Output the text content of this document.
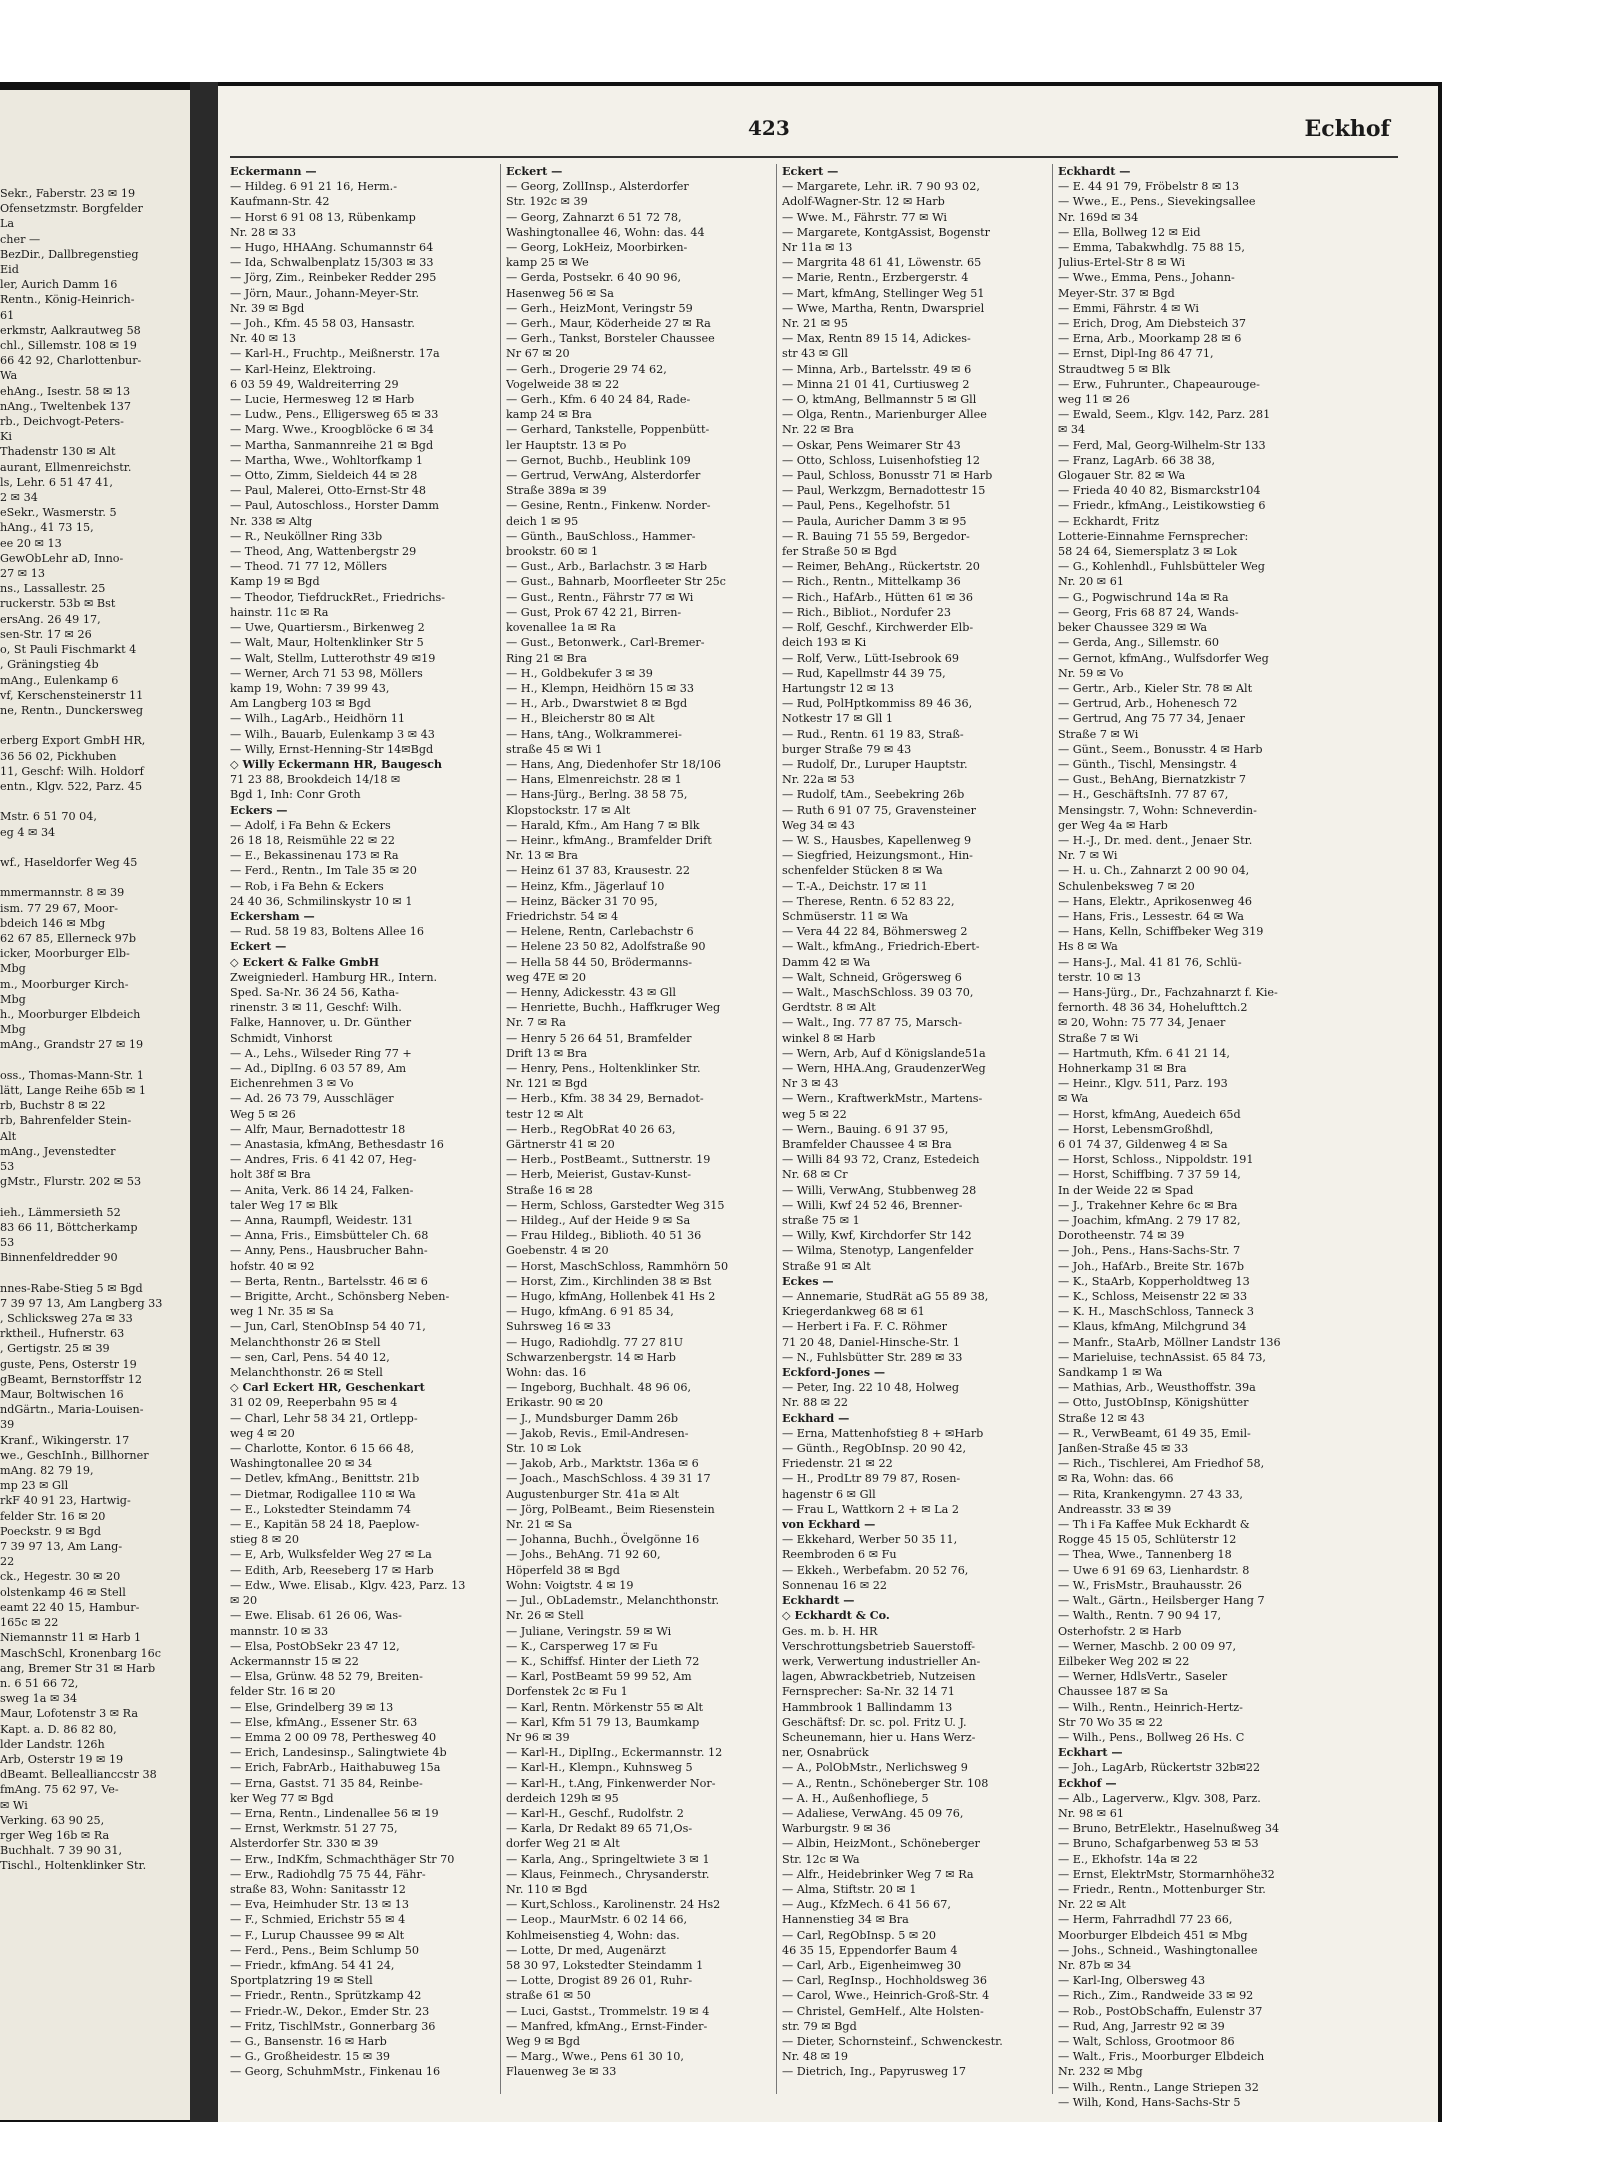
Sekr., Faberstr. 23 ✉ 19
Ofensetzmstr. Borgfelder
La
cher —
BezDir., Dallbregenstieg
Eid
ler, Aurich Damm 16
Rentn., König-Heinrich-
61
erkmstr, Aalkrautweg 58
chl., Sillemstr. 108 ✉ 19
66 42 92, Charlottenbur-
Wa
ehAng., Isestr. 58 ✉ 13
nAng., Tweltenbek 137
rb., Deichvogt-Peters-
Ki
Thadenstr 130 ✉ Alt
aurant, Ellmenreichstr.
ls, Lehr. 6 51 47 41,
2 ✉ 34
eSekr., Wasmerstr. 5
hAng., 41 73 15,
ee 20 ✉ 13
GewObLehr aD, Inno-
27 ✉ 13
ns., Lassallestr. 25
ruckerstr. 53b ✉ Bst
ersAng. 26 49 17,
sen-Str. 17 ✉ 26
o, St Pauli Fischmarkt 4
, Gräningstieg 4b
mAng., Eulenkamp 6
vf, Kerschensteinerstr 11
ne, Rentn., Dunckersweg

erberg Export GmbH HR,
36 56 02, Pickhuben
11, Geschf: Wilh. Holdorf
entn., Klgv. 522, Parz. 45

Mstr. 6 51 70 04,
eg 4 ✉ 34

wf., Haseldorfer Weg 45

mmermannstr. 8 ✉ 39
ism. 77 29 67, Moor-
bdeich 146 ✉ Mbg
62 67 85, Ellerneck 97b
icker, Moorburger Elb-
Mbg
m., Moorburger Kirch-
Mbg
h., Moorburger Elbdeich
Mbg
mAng., Grandstr 27 ✉ 19

oss., Thomas-Mann-Str. 1
lätt, Lange Reihe 65b ✉ 1
rb, Buchstr 8 ✉ 22
rb, Bahrenfelder Stein-
Alt
mAng., Jevenstedter
53
gMstr., Flurstr. 202 ✉ 53

ieh., Lämmersieth 52
83 66 11, Böttcherkamp
53
Binnenfeldredder 90

nnes-Rabe-Stieg 5 ✉ Bgd
7 39 97 13, Am Langberg 33
, Schlicksweg 27a ✉ 33
rktheil., Hufnerstr. 63
, Gertigstr. 25 ✉ 39
guste, Pens, Osterstr 19
gBeamt, Bernstorffstr 12
Maur, Boltwischen 16
ndGärtn., Maria-Louisen-
39
Kranf., Wikingerstr. 17
we., GeschInh., Billhorner
mAng. 82 79 19,
mp 23 ✉ Gll
rkF 40 91 23, Hartwig-
felder Str. 16 ✉ 20
Poeckstr. 9 ✉ Bgd
7 39 97 13, Am Lang-
22
ck., Hegestr. 30 ✉ 20
olstenkamp 46 ✉ Stell
eamt 22 40 15, Hambur-
165c ✉ 22
Niemannstr 11 ✉ Harb 1
MaschSchl, Kronenbarg 16c
ang, Bremer Str 31 ✉ Harb
n. 6 51 66 72,
sweg 1a ✉ 34
Maur, Lofotenstr 3 ✉ Ra
Kapt. a. D. 86 82 80,
lder Landstr. 126h
Arb, Osterstr 19 ✉ 19
dBeamt. Belleallianccstr 38
fmAng. 75 62 97, Ve-
✉ Wi
Verking. 63 90 25,
rger Weg 16b ✉ Ra
Buchhalt. 7 39 90 31,
Tischl., Holtenklinker Str.
423	Eckhof
Eckermann —
— Hildeg. 6 91 21 16, Herm.-
Kaufmann-Str. 42
— Horst 6 91 08 13, Rübenkamp
Nr. 28 ✉ 33
— Hugo, HHAAng. Schumannstr 64
— Ida, Schwalbenplatz 15/303 ✉ 33
— Jörg, Zim., Reinbeker Redder 295
— Jörn, Maur., Johann-Meyer-Str.
Nr. 39 ✉ Bgd
— Joh., Kfm. 45 58 03, Hansastr.
Nr. 40 ✉ 13
— Karl-H., Fruchtp., Meißnerstr. 17a
— Karl-Heinz, Elektroing.
6 03 59 49, Waldreiterring 29
— Lucie, Hermesweg 12 ✉ Harb
— Ludw., Pens., Elligersweg 65 ✉ 33
— Marg. Wwe., Kroogblöcke 6 ✉ 34
— Martha, Sanmannreihe 21 ✉ Bgd
— Martha, Wwe., Wohltorfkamp 1
— Otto, Zimm, Sieldeich 44 ✉ 28
— Paul, Malerei, Otto-Ernst-Str 48
— Paul, Autoschloss., Horster Damm
Nr. 338 ✉ Altg
— R., Neuköllner Ring 33b
— Theod, Ang, Wattenbergstr 29
— Theod. 71 77 12, Möllers
Kamp 19 ✉ Bgd
— Theodor, TiefdruckRet., Friedrichs-
hainstr. 11c ✉ Ra
— Uwe, Quartiersm., Birkenweg 2
— Walt, Maur, Holtenklinker Str 5
— Walt, Stellm, Lutterothstr 49 ✉19
— Werner, Arch 71 53 98, Möllers
kamp 19, Wohn: 7 39 99 43,
Am Langberg 103 ✉ Bgd
— Wilh., LagArb., Heidhörn 11
— Wilh., Bauarb, Eulenkamp 3 ✉ 43
— Willy, Ernst-Henning-Str 14✉Bgd
◇ Willy Eckermann HR, Baugesch
71 23 88, Brookdeich 14/18 ✉
Bgd 1, Inh: Conr Groth
Eckers —
— Adolf, i Fa Behn & Eckers
26 18 18, Reismühle 22 ✉ 22
— E., Bekassinenau 173 ✉ Ra
— Ferd., Rentn., Im Tale 35 ✉ 20
— Rob, i Fa Behn & Eckers
24 40 36, Schmilinskystr 10 ✉ 1
Eckersham —
— Rud. 58 19 83, Boltens Allee 16
Eckert —
◇ Eckert & Falke GmbH
Zweigniederl. Hamburg HR., Intern.
Sped. Sa-Nr. 36 24 56, Katha-
rinenstr. 3 ✉ 11, Geschf: Wilh.
Falke, Hannover, u. Dr. Günther
Schmidt, Vinhorst
— A., Lehs., Wilseder Ring 77 +
— Ad., DiplIng. 6 03 57 89, Am
Eichenrehmen 3 ✉ Vo
— Ad. 26 73 79, Ausschläger
Weg 5 ✉ 26
— Alfr, Maur, Bernadottestr 18
— Anastasia, kfmAng, Bethesdastr 16
— Andres, Fris. 6 41 42 07, Heg-
holt 38f ✉ Bra
— Anita, Verk. 86 14 24, Falken-
taler Weg 17 ✉ Blk
— Anna, Raumpfl, Weidestr. 131
— Anna, Fris., Eimsbütteler Ch. 68
— Anny, Pens., Hausbrucher Bahn-
hofstr. 40 ✉ 92
— Berta, Rentn., Bartelsstr. 46 ✉ 6
— Brigitte, Archt., Schönsberg Neben-
weg 1 Nr. 35 ✉ Sa
— Jun, Carl, StenObInsp 54 40 71,
Melanchthonstr 26 ✉ Stell
— sen, Carl, Pens. 54 40 12,
Melanchthonstr. 26 ✉ Stell
◇ Carl Eckert HR, Geschenkart
31 02 09, Reeperbahn 95 ✉ 4
— Charl, Lehr 58 34 21, Ortlepp-
weg 4 ✉ 20
— Charlotte, Kontor. 6 15 66 48,
Washingtonallee 20 ✉ 34
— Detlev, kfmAng., Benittstr. 21b
— Dietmar, Rodigallee 110 ✉ Wa
— E., Lokstedter Steindamm 74
— E., Kapitän 58 24 18, Paeplow-
stieg 8 ✉ 20
— E, Arb, Wulksfelder Weg 27 ✉ La
— Edith, Arb, Reeseberg 17 ✉ Harb
— Edw., Wwe. Elisab., Klgv. 423, Parz. 13
✉ 20
— Ewe. Elisab. 61 26 06, Was-
mannstr. 10 ✉ 33
— Elsa, PostObSekr 23 47 12,
Ackermannstr 15 ✉ 22
— Elsa, Grünw. 48 52 79, Breiten-
felder Str. 16 ✉ 20
— Else, Grindelberg 39 ✉ 13
— Else, kfmAng., Essener Str. 63
— Emma 2 00 09 78, Perthesweg 40
— Erich, Landesinsp., Salingtwiete 4b
— Erich, FabrArb., Haithabuweg 15a
— Erna, Gastst. 71 35 84, Reinbe-
ker Weg 77 ✉ Bgd
— Erna, Rentn., Lindenallee 56 ✉ 19
— Ernst, Werkmstr. 51 27 75,
Alsterdorfer Str. 330 ✉ 39
— Erw., IndKfm, Schmachthäger Str 70
— Erw., Radiohdlg 75 75 44, Fähr-
straße 83, Wohn: Sanitasstr 12
— Eva, Heimhuder Str. 13 ✉ 13
— F., Schmied, Erichstr 55 ✉ 4
— F., Lurup Chaussee 99 ✉ Alt
— Ferd., Pens., Beim Schlump 50
— Friedr., kfmAng. 54 41 24,
Sportplatzring 19 ✉ Stell
— Friedr., Rentn., Sprützkamp 42
— Friedr.-W., Dekor., Emder Str. 23
— Fritz, TischlMstr., Gonnerbarg 36
— G., Bansenstr. 16 ✉ Harb
— G., Großheidestr. 15 ✉ 39
— Georg, SchuhmMstr., Finkenau 16
Eckert —
— Georg, ZollInsp., Alsterdorfer
Str. 192c ✉ 39
— Georg, Zahnarzt 6 51 72 78,
Washingtonallee 46, Wohn: das. 44
— Georg, LokHeiz, Moorbirken-
kamp 25 ✉ We
— Gerda, Postsekr. 6 40 90 96,
Hasenweg 56 ✉ Sa
— Gerh., HeizMont, Veringstr 59
— Gerh., Maur, Köderheide 27 ✉ Ra
— Gerh., Tankst, Borsteler Chaussee
Nr 67 ✉ 20
— Gerh., Drogerie 29 74 62,
Vogelweide 38 ✉ 22
— Gerh., Kfm. 6 40 24 84, Rade-
kamp 24 ✉ Bra
— Gerhard, Tankstelle, Poppenbütt-
ler Hauptstr. 13 ✉ Po
— Gernot, Buchb., Heublink 109
— Gertrud, VerwAng, Alsterdorfer
Straße 389a ✉ 39
— Gesine, Rentn., Finkenw. Norder-
deich 1 ✉ 95
— Günth., BauSchloss., Hammer-
brookstr. 60 ✉ 1
— Gust., Arb., Barlachstr. 3 ✉ Harb
— Gust., Bahnarb, Moorfleeter Str 25c
— Gust., Rentn., Fährstr 77 ✉ Wi
— Gust, Prok 67 42 21, Birren-
kovenallee 1a ✉ Ra
— Gust., Betonwerk., Carl-Bremer-
Ring 21 ✉ Bra
— H., Goldbekufer 3 ✉ 39
— H., Klempn, Heidhörn 15 ✉ 33
— H., Arb., Dwarstwiet 8 ✉ Bgd
— H., Bleicherstr 80 ✉ Alt
— Hans, tAng., Wolkrammerei-
straße 45 ✉ Wi 1
— Hans, Ang, Diedenhofer Str 18/106
— Hans, Elmenreichstr. 28 ✉ 1
— Hans-Jürg., Berlng. 38 58 75,
Klopstockstr. 17 ✉ Alt
— Harald, Kfm., Am Hang 7 ✉ Blk
— Heinr., kfmAng., Bramfelder Drift
Nr. 13 ✉ Bra
— Heinz 61 37 83, Krausestr. 22
— Heinz, Kfm., Jägerlauf 10
— Heinz, Bäcker 31 70 95,
Friedrichstr. 54 ✉ 4
— Helene, Rentn, Carlebachstr 6
— Helene 23 50 82, Adolfstraße 90
— Hella 58 44 50, Brödermanns-
weg 47E ✉ 20
— Henny, Adickesstr. 43 ✉ Gll
— Henriette, Buchh., Haffkruger Weg
Nr. 7 ✉ Ra
— Henry 5 26 64 51, Bramfelder
Drift 13 ✉ Bra
— Henry, Pens., Holtenklinker Str.
Nr. 121 ✉ Bgd
— Herb., Kfm. 38 34 29, Bernadot-
testr 12 ✉ Alt
— Herb., RegObRat 40 26 63,
Gärtnerstr 41 ✉ 20
— Herb., PostBeamt., Suttnerstr. 19
— Herb, Meierist, Gustav-Kunst-
Straße 16 ✉ 28
— Herm, Schloss, Garstedter Weg 315
— Hildeg., Auf der Heide 9 ✉ Sa
— Frau Hildeg., Biblioth. 40 51 36
Goebenstr. 4 ✉ 20
— Horst, MaschSchloss, Rammhörn 50
— Horst, Zim., Kirchlinden 38 ✉ Bst
— Hugo, kfmAng, Hollenbek 41 Hs 2
— Hugo, kfmAng. 6 91 85 34,
Suhrsweg 16 ✉ 33
— Hugo, Radiohdlg. 77 27 81U
Schwarzenbergstr. 14 ✉ Harb
Wohn: das. 16
— Ingeborg, Buchhalt. 48 96 06,
Erikastr. 90 ✉ 20
— J., Mundsburger Damm 26b
— Jakob, Revis., Emil-Andresen-
Str. 10 ✉ Lok
— Jakob, Arb., Marktstr. 136a ✉ 6
— Joach., MaschSchloss. 4 39 31 17
Augustenburger Str. 41a ✉ Alt
— Jörg, PolBeamt., Beim Riesenstein
Nr. 21 ✉ Sa
— Johanna, Buchh., Övelgönne 16
— Johs., BehAng. 71 92 60,
Höperfeld 38 ✉ Bgd
Wohn: Voigtstr. 4 ✉ 19
— Jul., ObLademstr., Melanchthonstr.
Nr. 26 ✉ Stell
— Juliane, Veringstr. 59 ✉ Wi
— K., Carsperweg 17 ✉ Fu
— K., Schiffsf. Hinter der Lieth 72
— Karl, PostBeamt 59 99 52, Am
Dorfenstek 2c ✉ Fu 1
— Karl, Rentn. Mörkenstr 55 ✉ Alt
— Karl, Kfm 51 79 13, Baumkamp
Nr 96 ✉ 39
— Karl-H., DiplIng., Eckermannstr. 12
— Karl-H., Klempn., Kuhnsweg 5
— Karl-H., t.Ang, Finkenwerder Nor-
derdeich 129h ✉ 95
— Karl-H., Geschf., Rudolfstr. 2
— Karla, Dr Redakt 89 65 71,Os-
dorfer Weg 21 ✉ Alt
— Karla, Ang., Springeltwiete 3 ✉ 1
— Klaus, Feinmech., Chrysanderstr.
Nr. 110 ✉ Bgd
— Kurt,Schloss., Karolinenstr. 24 Hs2
— Leop., MaurMstr. 6 02 14 66,
Kohlmeisenstieg 4, Wohn: das.
— Lotte, Dr med, Augenärzt
58 30 97, Lokstedter Steindamm 1
— Lotte, Drogist 89 26 01, Ruhr-
straße 61 ✉ 50
— Luci, Gastst., Trommelstr. 19 ✉ 4
— Manfred, kfmAng., Ernst-Finder-
Weg 9 ✉ Bgd
— Marg., Wwe., Pens 61 30 10,
Flauenweg 3e ✉ 33
Eckert —
— Margarete, Lehr. iR. 7 90 93 02,
Adolf-Wagner-Str. 12 ✉ Harb
— Wwe. M., Fährstr. 77 ✉ Wi
— Margarete, KontgAssist, Bogenstr
Nr 11a ✉ 13
— Margrita 48 61 41, Löwenstr. 65
— Marie, Rentn., Erzbergerstr. 4
— Mart, kfmAng, Stellinger Weg 51
— Wwe, Martha, Rentn, Dwarspriel
Nr. 21 ✉ 95
— Max, Rentn 89 15 14, Adickes-
str 43 ✉ Gll
— Minna, Arb., Bartelsstr. 49 ✉ 6
— Minna 21 01 41, Curtiusweg 2
— O, ktmAng, Bellmannstr 5 ✉ Gll
— Olga, Rentn., Marienburger Allee
Nr. 22 ✉ Bra
— Oskar, Pens Weimarer Str 43
— Otto, Schloss, Luisenhofstieg 12
— Paul, Schloss, Bonusstr 71 ✉ Harb
— Paul, Werkzgm, Bernadottestr 15
— Paul, Pens., Kegelhofstr. 51
— Paula, Auricher Damm 3 ✉ 95
— R. Bauing 71 55 59, Bergedor-
fer Straße 50 ✉ Bgd
— Reimer, BehAng., Rückertstr. 20
— Rich., Rentn., Mittelkamp 36
— Rich., HafArb., Hütten 61 ✉ 36
— Rich., Bibliot., Nordufer 23
— Rolf, Geschf., Kirchwerder Elb-
deich 193 ✉ Ki
— Rolf, Verw., Lütt-Isebrook 69
— Rud, Kapellmstr 44 39 75,
Hartungstr 12 ✉ 13
— Rud, PolHptkommiss 89 46 36,
Notkestr 17 ✉ Gll 1
— Rud., Rentn. 61 19 83, Straß-
burger Straße 79 ✉ 43
— Rudolf, Dr., Luruper Hauptstr.
Nr. 22a ✉ 53
— Rudolf, tAm., Seebekring 26b
— Ruth 6 91 07 75, Gravensteiner
Weg 34 ✉ 43
— W. S., Hausbes, Kapellenweg 9
— Siegfried, Heizungsmont., Hin-
schenfelder Stücken 8 ✉ Wa
— T.-A., Deichstr. 17 ✉ 11
— Therese, Rentn. 6 52 83 22,
Schmüserstr. 11 ✉ Wa
— Vera 44 22 84, Böhmersweg 2
— Walt., kfmAng., Friedrich-Ebert-
Damm 42 ✉ Wa
— Walt, Schneid, Grögersweg 6
— Walt., MaschSchloss. 39 03 70,
Gerdtstr. 8 ✉ Alt
— Walt., Ing. 77 87 75, Marsch-
winkel 8 ✉ Harb
— Wern, Arb, Auf d Königslande51a
— Wern, HHA.Ang, GraudenzerWeg
Nr 3 ✉ 43
— Wern., KraftwerkMstr., Martens-
weg 5 ✉ 22
— Wern., Bauing. 6 91 37 95,
Bramfelder Chaussee 4 ✉ Bra
— Willi 84 93 72, Cranz, Estedeich
Nr. 68 ✉ Cr
— Willi, VerwAng, Stubbenweg 28
— Willi, Kwf 24 52 46, Brenner-
straße 75 ✉ 1
— Willy, Kwf, Kirchdorfer Str 142
— Wilma, Stenotyp, Langenfelder
Straße 91 ✉ Alt
Eckes —
— Annemarie, StudRät aG 55 89 38,
Kriegerdankweg 68 ✉ 61
— Herbert i Fa. F. C. Röhmer
71 20 48, Daniel-Hinsche-Str. 1
— N., Fuhlsbütter Str. 289 ✉ 33
Eckford-Jones —
— Peter, Ing. 22 10 48, Holweg
Nr. 88 ✉ 22
Eckhard —
— Erna, Mattenhofstieg 8 + ✉Harb
— Günth., RegObInsp. 20 90 42,
Friedenstr. 21 ✉ 22
— H., ProdLtr 89 79 87, Rosen-
hagenstr 6 ✉ Gll
— Frau L, Wattkorn 2 + ✉ La 2
von Eckhard —
— Ekkehard, Werber 50 35 11,
Reembroden 6 ✉ Fu
— Ekkeh., Werbefabm. 20 52 76,
Sonnenau 16 ✉ 22
Eckhardt —
◇ Eckhardt & Co.
Ges. m. b. H. HR
Verschrottungsbetrieb Sauerstoff-
werk, Verwertung industrieller An-
lagen, Abwrackbetrieb, Nutzeisen
Fernsprecher: Sa-Nr. 32 14 71
Hammbrook 1 Ballindamm 13
Geschäftsf: Dr. sc. pol. Fritz U. J.
Scheunemann, hier u. Hans Werz-
ner, Osnabrück
— A., PolObMstr., Nerlichsweg 9
— A., Rentn., Schöneberger Str. 108
— A. H., Außenhofliege, 5
— Adaliese, VerwAng. 45 09 76,
Warburgstr. 9 ✉ 36
— Albin, HeizMont., Schöneberger
Str. 12c ✉ Wa
— Alfr., Heidebrinker Weg 7 ✉ Ra
— Alma, Stiftstr. 20 ✉ 1
— Aug., KfzMech. 6 41 56 67,
Hannenstieg 34 ✉ Bra
— Carl, RegObInsp. 5 ✉ 20
46 35 15, Eppendorfer Baum 4
— Carl, Arb., Eigenheimweg 30
— Carl, RegInsp., Hochholdsweg 36
— Carol, Wwe., Heinrich-Groß-Str. 4
— Christel, GemHelf., Alte Holsten-
str. 79 ✉ Bgd
— Dieter, Schornsteinf., Schwenckestr.
Nr. 48 ✉ 19
— Dietrich, Ing., Papyrusweg 17
Eckhardt —
— E. 44 91 79, Fröbelstr 8 ✉ 13
— Wwe., E., Pens., Sievekingsallee
Nr. 169d ✉ 34
— Ella, Bollweg 12 ✉ Eid
— Emma, Tabakwhdlg. 75 88 15,
Julius-Ertel-Str 8 ✉ Wi
— Wwe., Emma, Pens., Johann-
Meyer-Str. 37 ✉ Bgd
— Emmi, Fährstr. 4 ✉ Wi
— Erich, Drog, Am Diebsteich 37
— Erna, Arb., Moorkamp 28 ✉ 6
— Ernst, Dipl-Ing 86 47 71,
Straudtweg 5 ✉ Blk
— Erw., Fuhrunter., Chapeaurouge-
weg 11 ✉ 26
— Ewald, Seem., Klgv. 142, Parz. 281
✉ 34
— Ferd, Mal, Georg-Wilhelm-Str 133
— Franz, LagArb. 66 38 38,
Glogauer Str. 82 ✉ Wa
— Frieda 40 40 82, Bismarckstr104
— Friedr., kfmAng., Leistikowstieg 6
— Eckhardt, Fritz
Lotterie-Einnahme Fernsprecher:
58 24 64, Siemersplatz 3 ✉ Lok
— G., Kohlenhdl., Fuhlsbütteler Weg
Nr. 20 ✉ 61
— G., Pogwischrund 14a ✉ Ra
— Georg, Fris 68 87 24, Wands-
beker Chaussee 329 ✉ Wa
— Gerda, Ang., Sillemstr. 60
— Gernot, kfmAng., Wulfsdorfer Weg
Nr. 59 ✉ Vo
— Gertr., Arb., Kieler Str. 78 ✉ Alt
— Gertrud, Arb., Hohenesch 72
— Gertrud, Ang 75 77 34, Jenaer
Straße 7 ✉ Wi
— Günt., Seem., Bonusstr. 4 ✉ Harb
— Günth., Tischl, Mensingstr. 4
— Gust., BehAng, Biernatzkistr 7
— H., GeschäftsInh. 77 87 67,
Mensingstr. 7, Wohn: Schneverdin-
ger Weg 4a ✉ Harb
— H.-J., Dr. med. dent., Jenaer Str.
Nr. 7 ✉ Wi
— H. u. Ch., Zahnarzt 2 00 90 04,
Schulenbeksweg 7 ✉ 20
— Hans, Elektr., Aprikosenweg 46
— Hans, Fris., Lessestr. 64 ✉ Wa
— Hans, Kelln, Schiffbeker Weg 319
Hs 8 ✉ Wa
— Hans-J., Mal. 41 81 76, Schlü-
terstr. 10 ✉ 13
— Hans-Jürg., Dr., Fachzahnarzt f. Kie-
fernorth. 48 36 34, Hohelufttch.2
✉ 20, Wohn: 75 77 34, Jenaer
Straße 7 ✉ Wi
— Hartmuth, Kfm. 6 41 21 14,
Hohnerkamp 31 ✉ Bra
— Heinr., Klgv. 511, Parz. 193
✉ Wa
— Horst, kfmAng, Auedeich 65d
— Horst, LebensmGroßhdl,
6 01 74 37, Gildenweg 4 ✉ Sa
— Horst, Schloss., Nippoldstr. 191
— Horst, Schiffbing. 7 37 59 14,
In der Weide 22 ✉ Spad
— J., Trakehner Kehre 6c ✉ Bra
— Joachim, kfmAng. 2 79 17 82,
Dorotheenstr. 74 ✉ 39
— Joh., Pens., Hans-Sachs-Str. 7
— Joh., HafArb., Breite Str. 167b
— K., StaArb, Kopperholdtweg 13
— K., Schloss, Meisenstr 22 ✉ 33
— K. H., MaschSchloss, Tanneck 3
— Klaus, kfmAng, Milchgrund 34
— Manfr., StaArb, Möllner Landstr 136
— Marieluise, technAssist. 65 84 73,
Sandkamp 1 ✉ Wa
— Mathias, Arb., Weusthoffstr. 39a
— Otto, JustObInsp, Königshütter
Straße 12 ✉ 43
— R., VerwBeamt, 61 49 35, Emil-
Janßen-Straße 45 ✉ 33
— Rich., Tischlerei, Am Friedhof 58,
✉ Ra, Wohn: das. 66
— Rita, Krankengymn. 27 43 33,
Andreasstr. 33 ✉ 39
— Th i Fa Kaffee Muk Eckhardt &
Rogge 45 15 05, Schlüterstr 12
— Thea, Wwe., Tannenberg 18
— Uwe 6 91 69 63, Lienhardstr. 8
— W., FrisMstr., Brauhausstr. 26
— Walt., Gärtn., Heilsberger Hang 7
— Walth., Rentn. 7 90 94 17,
Osterhofstr. 2 ✉ Harb
— Werner, Maschb. 2 00 09 97,
Eilbeker Weg 202 ✉ 22
— Werner, HdlsVertr., Saseler
Chaussee 187 ✉ Sa
— Wilh., Rentn., Heinrich-Hertz-
Str 70 Wo 35 ✉ 22
— Wilh., Pens., Bollweg 26 Hs. C
Eckhart —
— Joh., LagArb, Rückertstr 32b✉22
Eckhof —
— Alb., Lagerverw., Klgv. 308, Parz.
Nr. 98 ✉ 61
— Bruno, BetrElektr., Haselnußweg 34
— Bruno, Schafgarbenweg 53 ✉ 53
— E., Ekhofstr. 14a ✉ 22
— Ernst, ElektrMstr, Stormarnhöhe32
— Friedr., Rentn., Mottenburger Str.
Nr. 22 ✉ Alt
— Herm, Fahrradhdl 77 23 66,
Moorburger Elbdeich 451 ✉ Mbg
— Johs., Schneid., Washingtonallee
Nr. 87b ✉ 34
— Karl-Ing, Olbersweg 43
— Rich., Zim., Randweide 33 ✉ 92
— Rob., PostObSchaffn, Eulenstr 37
— Rud, Ang, Jarrestr 92 ✉ 39
— Walt, Schloss, Grootmoor 86
— Walt., Fris., Moorburger Elbdeich
Nr. 232 ✉ Mbg
— Wilh., Rentn., Lange Striepen 32
— Wilh, Kond, Hans-Sachs-Str 5
